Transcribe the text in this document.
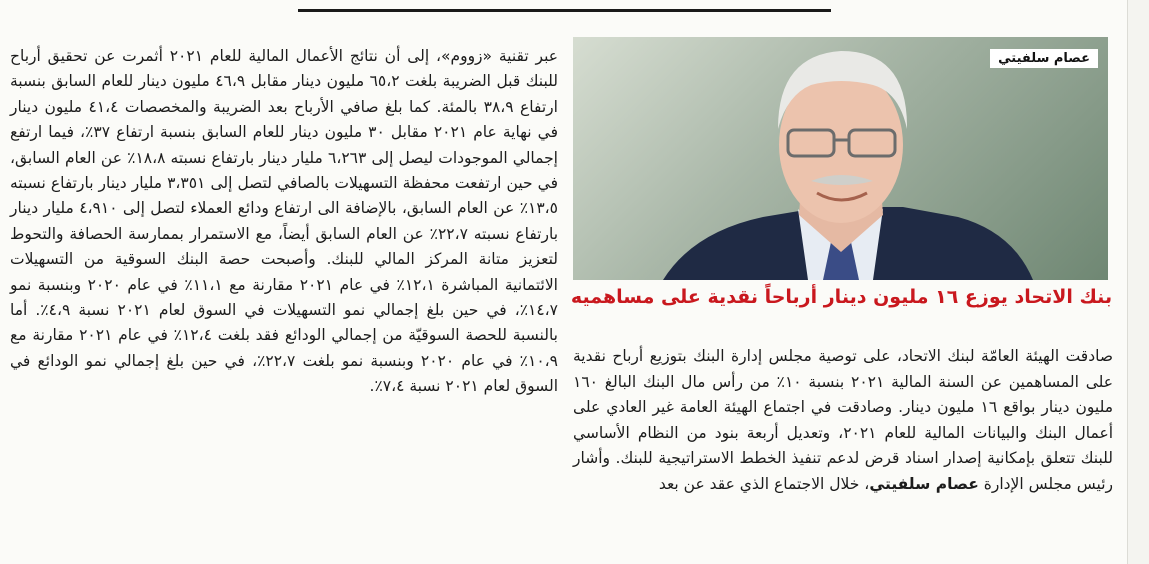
عبر تقنية «زووم»، إلى أن نتائج الأعمال المالية للعام ٢٠٢١ أثمرت عن تحقيق أرباح للبنك قبل الضريبة بلغت ٦٥،٢ مليون دينار مقابل ٤٦،٩ مليون دينار للعام السابق بنسبة ارتفاع ٣٨،٩ بالمئة. كما بلغ صافي الأرباح بعد الضريبة والمخصصات ٤١،٤ مليون دينار في نهاية عام ٢٠٢١ مقابل ٣٠ مليون دينار للعام السابق بنسبة ارتفاع ٣٧٪، فيما ارتفع إجمالي الموجودات ليصل إلى ٦،٢٦٣ مليار دينار بارتفاع نسبته ١٨،٨٪ عن العام السابق، في حين ارتفعت محفظة التسهيلات بالصافي لتصل إلى ٣،٣٥١ مليار دينار بارتفاع نسبته ١٣،٥٪ عن العام السابق، بالإضافة الى ارتفاع ودائع العملاء لتصل إلى ٤،٩١٠ مليار دينار بارتفاع نسبته ٢٢،٧٪ عن العام السابق أيضاً، مع الاستمرار بممارسة الحصافة والتحوط لتعزيز متانة المركز المالي للبنك. وأصبحت حصة البنك السوقية من التسهيلات الائتمانية المباشرة ١٢،١٪ في عام ٢٠٢١ مقارنة مع ١١،١٪ في عام ٢٠٢٠ وبنسبة نمو ١٤،٧٪، في حين بلغ إجمالي نمو التسهيلات في السوق لعام ٢٠٢١ نسبة ٤،٩٪. أما بالنسبة للحصة السوقيّة من إجمالي الودائع فقد بلغت ١٢،٤٪ في عام ٢٠٢١ مقارنة مع ١٠،٩٪ في عام ٢٠٢٠ وبنسبة نمو بلغت ٢٢،٧٪، في حين بلغ إجمالي نمو الودائع في السوق لعام ٢٠٢١ نسبة ٧،٤٪.

عصام سلفيتي
بنك الاتحاد يوزع ١٦ مليون دينار أرباحاً نقدية على مساهميه

صادقت الهيئة العامّة لبنك الاتحاد، على توصية مجلس إدارة البنك بتوزيع أرباح نقدية على المساهمين عن السنة المالية ٢٠٢١ بنسبة ١٠٪ من رأس مال البنك البالغ ١٦٠ مليون دينار بواقع ١٦ مليون دينار. وصادقت في اجتماع الهيئة العامة غير العادي على أعمال البنك والبيانات المالية للعام ٢٠٢١، وتعديل أربعة بنود من النظام الأساسي للبنك تتعلق بإمكانية إصدار اسناد قرض لدعم تنفيذ الخطط الاستراتيجية للبنك. وأشار رئيس مجلس الإدارة عصام سلفيتي، خلال الاجتماع الذي عقد عن بعد
